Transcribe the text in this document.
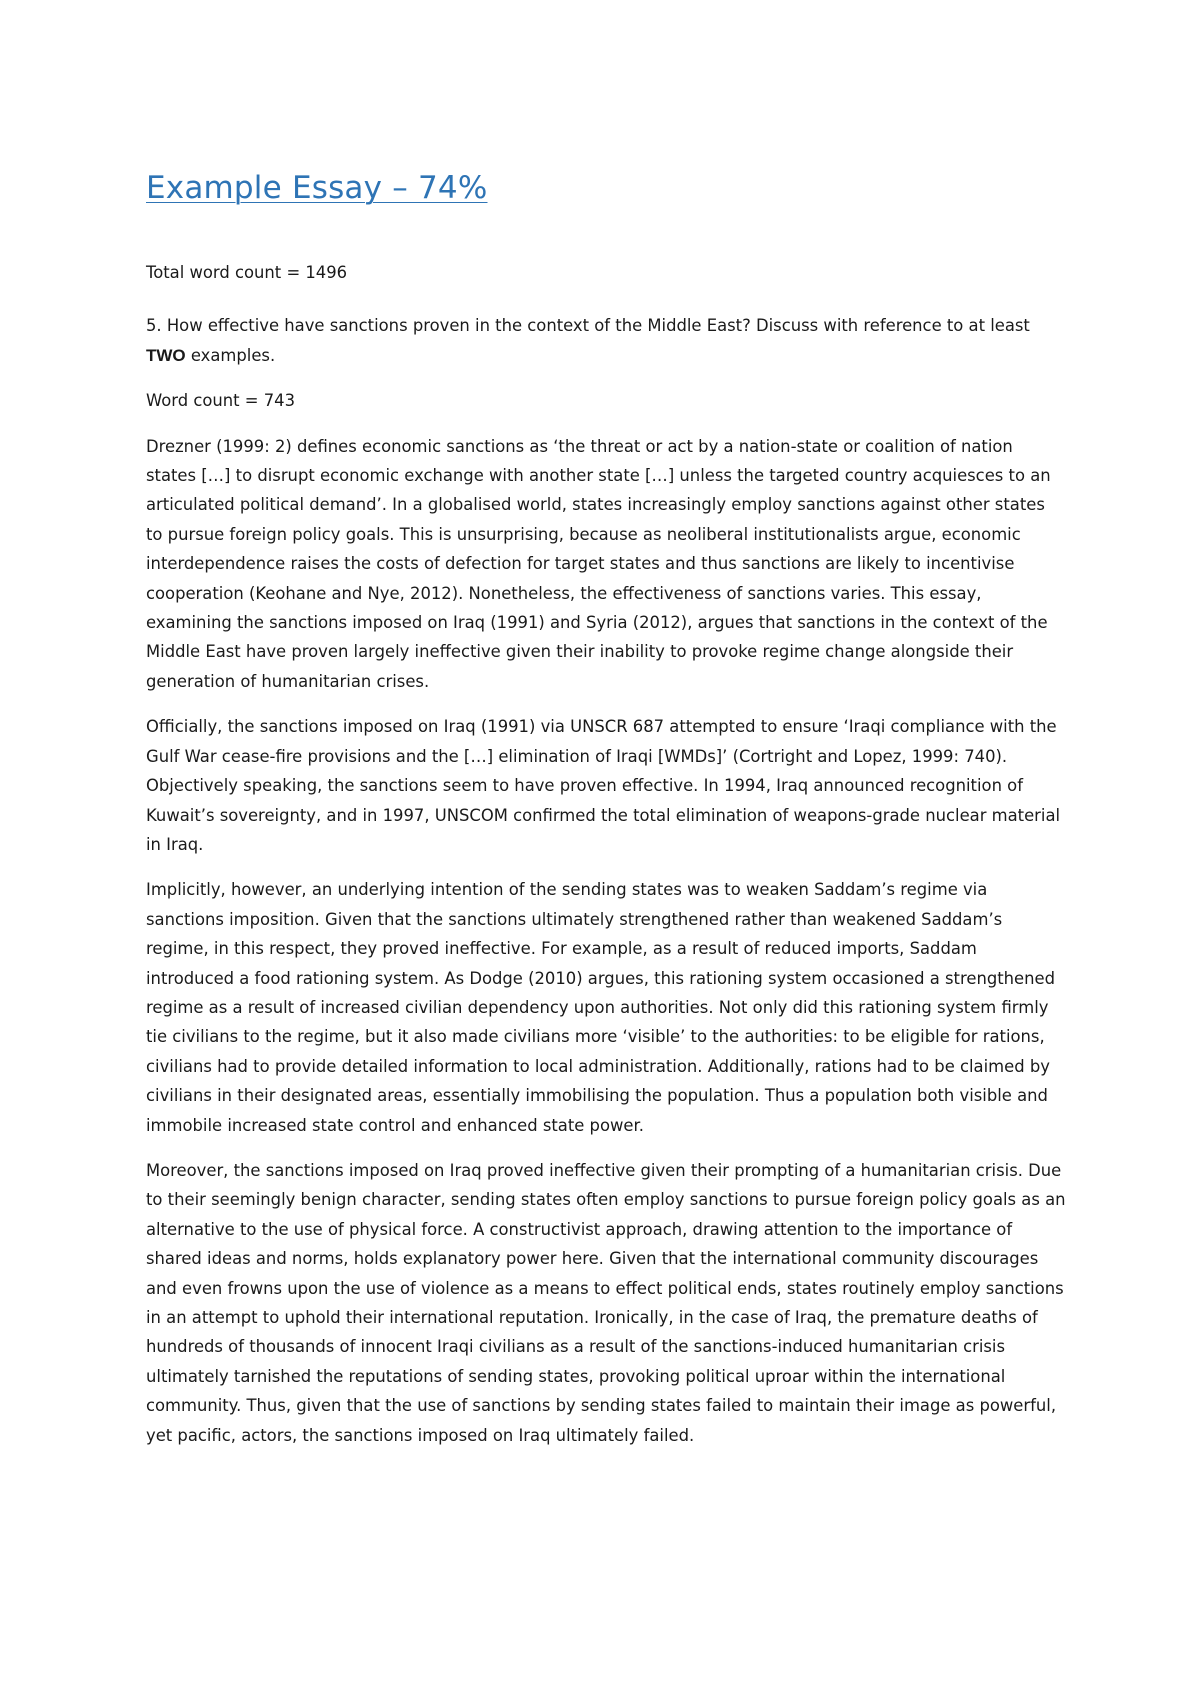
Example Essay – 74%

Total word count = 1496

5. How effective have sanctions proven in the context of the Middle East? Discuss with reference to at least TWO examples.

Word count = 743

Drezner (1999: 2) defines economic sanctions as ‘the threat or act by a nation-state or coalition of nation states […] to disrupt economic exchange with another state […] unless the targeted country acquiesces to an articulated political demand’. In a globalised world, states increasingly employ sanctions against other states to pursue foreign policy goals. This is unsurprising, because as neoliberal institutionalists argue, economic interdependence raises the costs of defection for target states and thus sanctions are likely to incentivise cooperation (Keohane and Nye, 2012). Nonetheless, the effectiveness of sanctions varies. This essay, examining the sanctions imposed on Iraq (1991) and Syria (2012), argues that sanctions in the context of the Middle East have proven largely ineffective given their inability to provoke regime change alongside their generation of humanitarian crises.

Officially, the sanctions imposed on Iraq (1991) via UNSCR 687 attempted to ensure ‘Iraqi compliance with the Gulf War cease-fire provisions and the […] elimination of Iraqi [WMDs]’ (Cortright and Lopez, 1999: 740). Objectively speaking, the sanctions seem to have proven effective. In 1994, Iraq announced recognition of Kuwait’s sovereignty, and in 1997, UNSCOM confirmed the total elimination of weapons-grade nuclear material in Iraq.

Implicitly, however, an underlying intention of the sending states was to weaken Saddam’s regime via sanctions imposition. Given that the sanctions ultimately strengthened rather than weakened Saddam’s regime, in this respect, they proved ineffective. For example, as a result of reduced imports, Saddam introduced a food rationing system. As Dodge (2010) argues, this rationing system occasioned a strengthened regime as a result of increased civilian dependency upon authorities. Not only did this rationing system firmly tie civilians to the regime, but it also made civilians more ‘visible’ to the authorities: to be eligible for rations, civilians had to provide detailed information to local administration. Additionally, rations had to be claimed by civilians in their designated areas, essentially immobilising the population. Thus a population both visible and immobile increased state control and enhanced state power.

Moreover, the sanctions imposed on Iraq proved ineffective given their prompting of a humanitarian crisis. Due to their seemingly benign character, sending states often employ sanctions to pursue foreign policy goals as an alternative to the use of physical force. A constructivist approach, drawing attention to the importance of shared ideas and norms, holds explanatory power here. Given that the international community discourages and even frowns upon the use of violence as a means to effect political ends, states routinely employ sanctions in an attempt to uphold their international reputation. Ironically, in the case of Iraq, the premature deaths of hundreds of thousands of innocent Iraqi civilians as a result of the sanctions-induced humanitarian crisis ultimately tarnished the reputations of sending states, provoking political uproar within the international community. Thus, given that the use of sanctions by sending states failed to maintain their image as powerful, yet pacific, actors, the sanctions imposed on Iraq ultimately failed.
